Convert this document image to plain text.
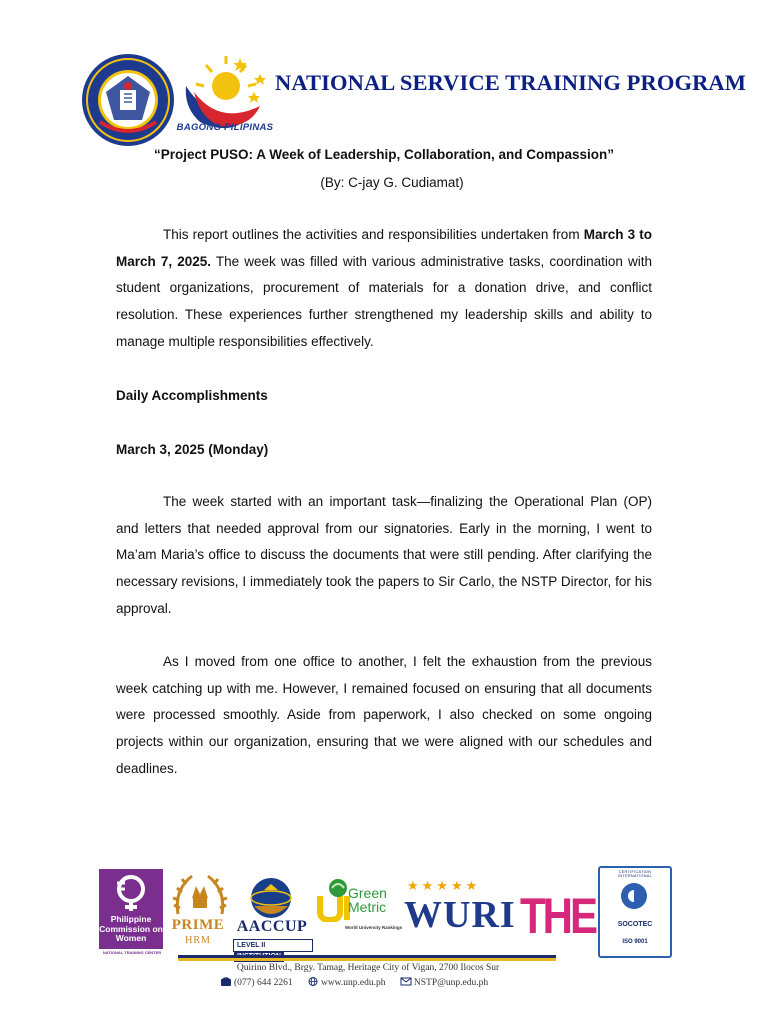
BAGONG PILIPINAS
NATIONAL SERVICE TRAINING PROGRAM
“Project PUSO: A Week of Leadership, Collaboration, and Compassion”
(By: C-jay G. Cudiamat)

This report outlines the activities and responsibilities undertaken from March 3 to March 7, 2025. The week was filled with various administrative tasks, coordination with student organizations, procurement of materials for a donation drive, and conflict resolution. These experiences further strengthened my leadership skills and ability to manage multiple responsibilities effectively.

Daily Accomplishments
March 3, 2025 (Monday)

The week started with an important task—finalizing the Operational Plan (OP) and letters that needed approval from our signatories. Early in the morning, I went to Ma’am Maria’s office to discuss the documents that were still pending. After clarifying the necessary revisions, I immediately took the papers to Sir Carlo, the NSTP Director, for his approval.

As I moved from one office to another, I felt the exhaustion from the previous week catching up with me. However, I remained focused on ensuring that all documents were processed smoothly. Aside from paperwork, I also checked on some ongoing projects within our organization, ensuring that we were aligned with our schedules and deadlines.

Philippine Commission on Women
NATIONAL TRAINING CENTER
PRIME
HRM
AACCUP
LEVEL II
Green
Metric
World University Rankings
★★★★★
WURI THE
CERTIFICATION INTERNATIONAL
SOCOTEC
ISO 9001
Quirino Blvd., Brgy. Tamag, Heritage City of Vigan, 2700 Ilocos Sur
(077) 644 2261	www.unp.edu.ph	NSTP@unp.edu.ph
